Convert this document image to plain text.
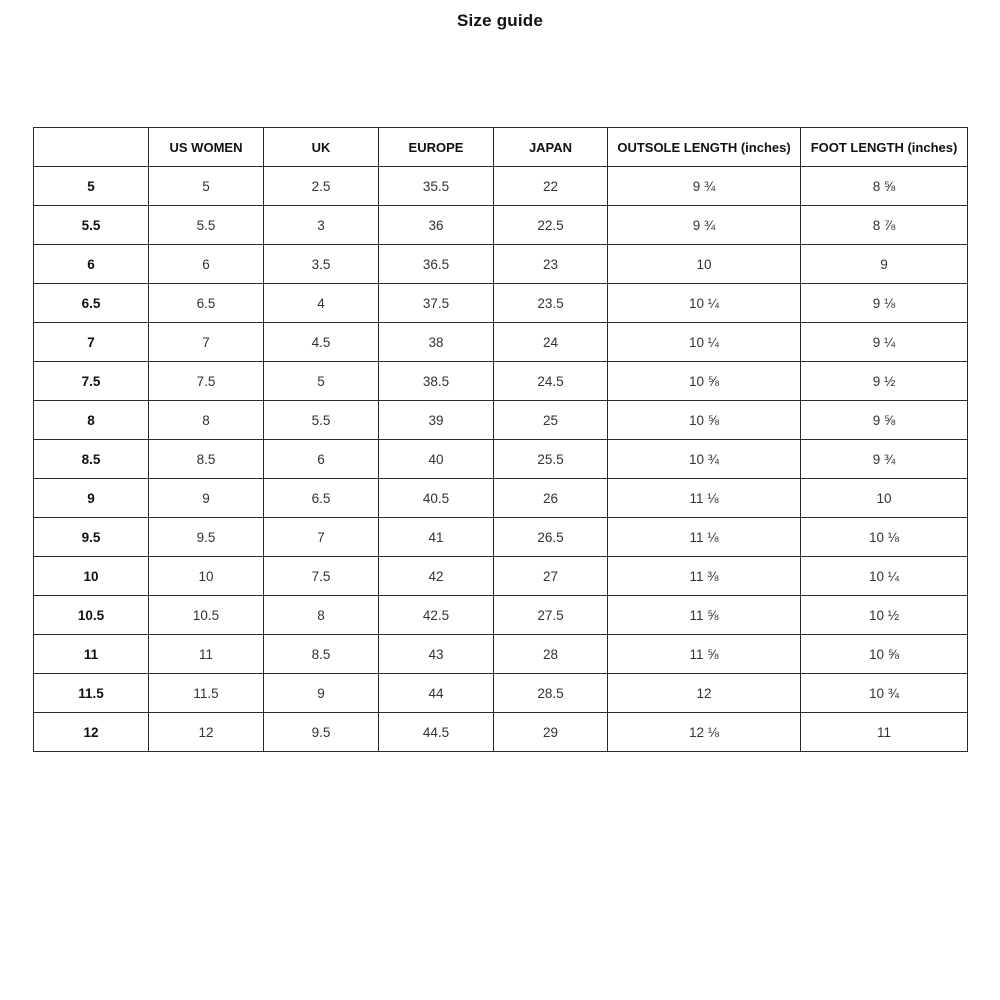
Size guide
	US WOMEN	UK	EUROPE	JAPAN	OUTSOLE LENGTH (inches)	FOOT LENGTH (inches)
5	5	2.5	35.5	22	9 ¾	8 ⅝
5.5	5.5	3	36	22.5	9 ¾	8 ⅞
6	6	3.5	36.5	23	10	9
6.5	6.5	4	37.5	23.5	10 ¼	9 ⅛
7	7	4.5	38	24	10 ¼	9 ¼
7.5	7.5	5	38.5	24.5	10 ⅝	9 ½
8	8	5.5	39	25	10 ⅝	9 ⅝
8.5	8.5	6	40	25.5	10 ¾	9 ¾
9	9	6.5	40.5	26	11 ⅛	10
9.5	9.5	7	41	26.5	11 ⅛	10 ⅛
10	10	7.5	42	27	11 ⅜	10 ¼
10.5	10.5	8	42.5	27.5	11 ⅝	10 ½
11	11	8.5	43	28	11 ⅝	10 ⅝
11.5	11.5	9	44	28.5	12	10 ¾
12	12	9.5	44.5	29	12 ⅛	11
